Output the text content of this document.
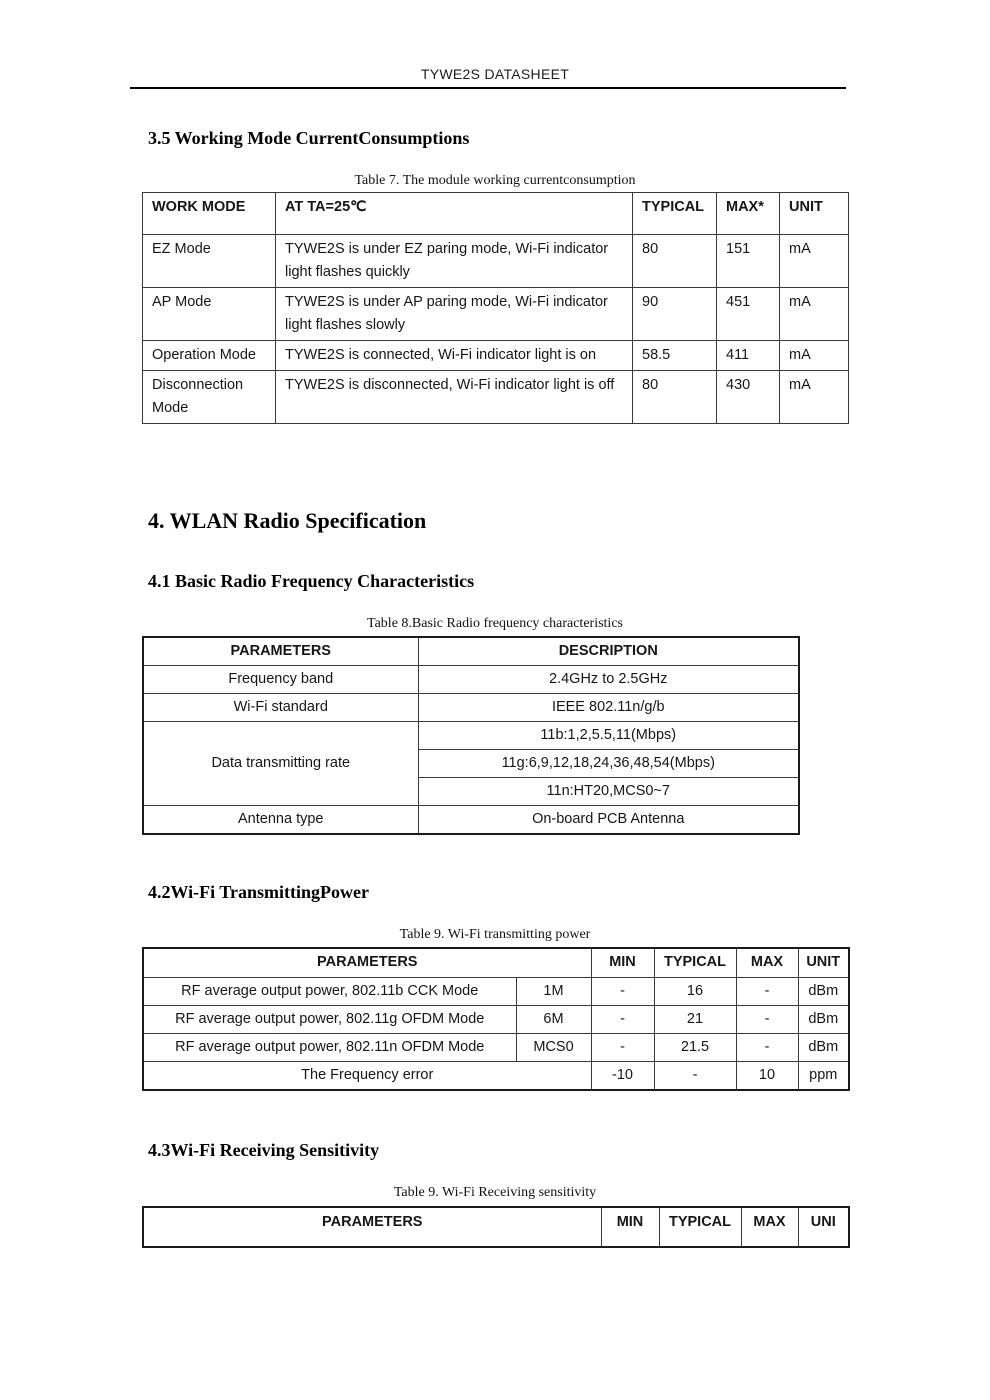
TYWE2S DATASHEET
3.5 Working Mode CurrentConsumptions
Table 7. The module working currentconsumption
WORK MODE	AT TA=25℃	TYPICAL	MAX*	UNIT
EZ Mode	TYWE2S is under EZ paring mode, Wi-Fi indicator light flashes quickly	80	151	mA
AP Mode	TYWE2S is under AP paring mode, Wi-Fi indicator light flashes slowly	90	451	mA
Operation Mode	TYWE2S is connected, Wi-Fi indicator light is on	58.5	411	mA
Disconnection Mode	TYWE2S is disconnected, Wi-Fi indicator light is off	80	430	mA
4. WLAN Radio Specification
4.1 Basic Radio Frequency Characteristics
Table 8.Basic Radio frequency characteristics
PARAMETERS	DESCRIPTION
Frequency band	2.4GHz to 2.5GHz
Wi-Fi standard	IEEE 802.11n/g/b
Data transmitting rate	11b:1,2,5.5,11(Mbps)
	11g:6,9,12,18,24,36,48,54(Mbps)
	11n:HT20,MCS0~7
Antenna type	On-board PCB Antenna
4.2Wi-Fi TransmittingPower
Table 9. Wi-Fi transmitting power
PARAMETERS		MIN	TYPICAL	MAX	UNIT
RF average output power, 802.11b CCK Mode	1M	-	16	-	dBm
RF average output power, 802.11g OFDM Mode	6M	-	21	-	dBm
RF average output power, 802.11n OFDM Mode	MCS0	-	21.5	-	dBm
The Frequency error		-10	-	10	ppm
4.3Wi-Fi Receiving Sensitivity
Table 9. Wi-Fi Receiving sensitivity
PARAMETERS	MIN	TYPICAL	MAX	UNI
